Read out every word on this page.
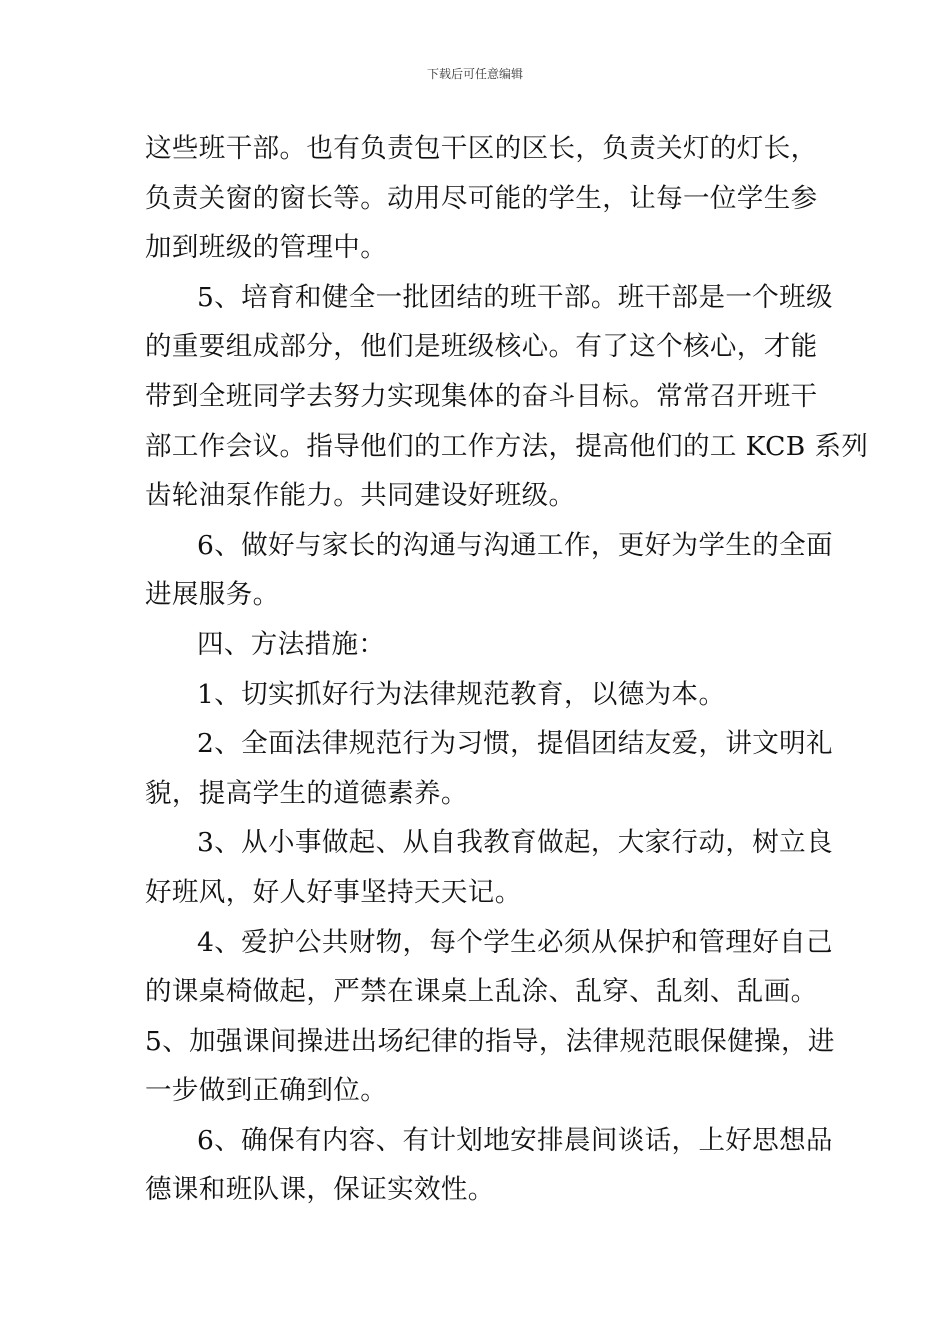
下载后可任意编辑
这些班干部。也有负责包干区的区长，负责关灯的灯长，
负责关窗的窗长等。动用尽可能的学生，让每一位学生参
加到班级的管理中。
5、培育和健全一批团结的班干部。班干部是一个班级
的重要组成部分，他们是班级核心。有了这个核心，才能
带到全班同学去努力实现集体的奋斗目标。常常召开班干
部工作会议。指导他们的工作方法，提高他们的工 KCB 系列
齿轮油泵作能力。共同建设好班级。
6、做好与家长的沟通与沟通工作，更好为学生的全面
进展服务。
四、方法措施：
1、切实抓好行为法律规范教育，以德为本。
2、全面法律规范行为习惯，提倡团结友爱，讲文明礼
貌，提高学生的道德素养。
3、从小事做起、从自我教育做起，大家行动，树立良
好班风，好人好事坚持天天记。
4、爱护公共财物，每个学生必须从保护和管理好自己
的课桌椅做起，严禁在课桌上乱涂、乱穿、乱刻、乱画。
5、加强课间操进出场纪律的指导，法律规范眼保健操，进
一步做到正确到位。
6、确保有内容、有计划地安排晨间谈话，上好思想品
德课和班队课，保证实效性。
